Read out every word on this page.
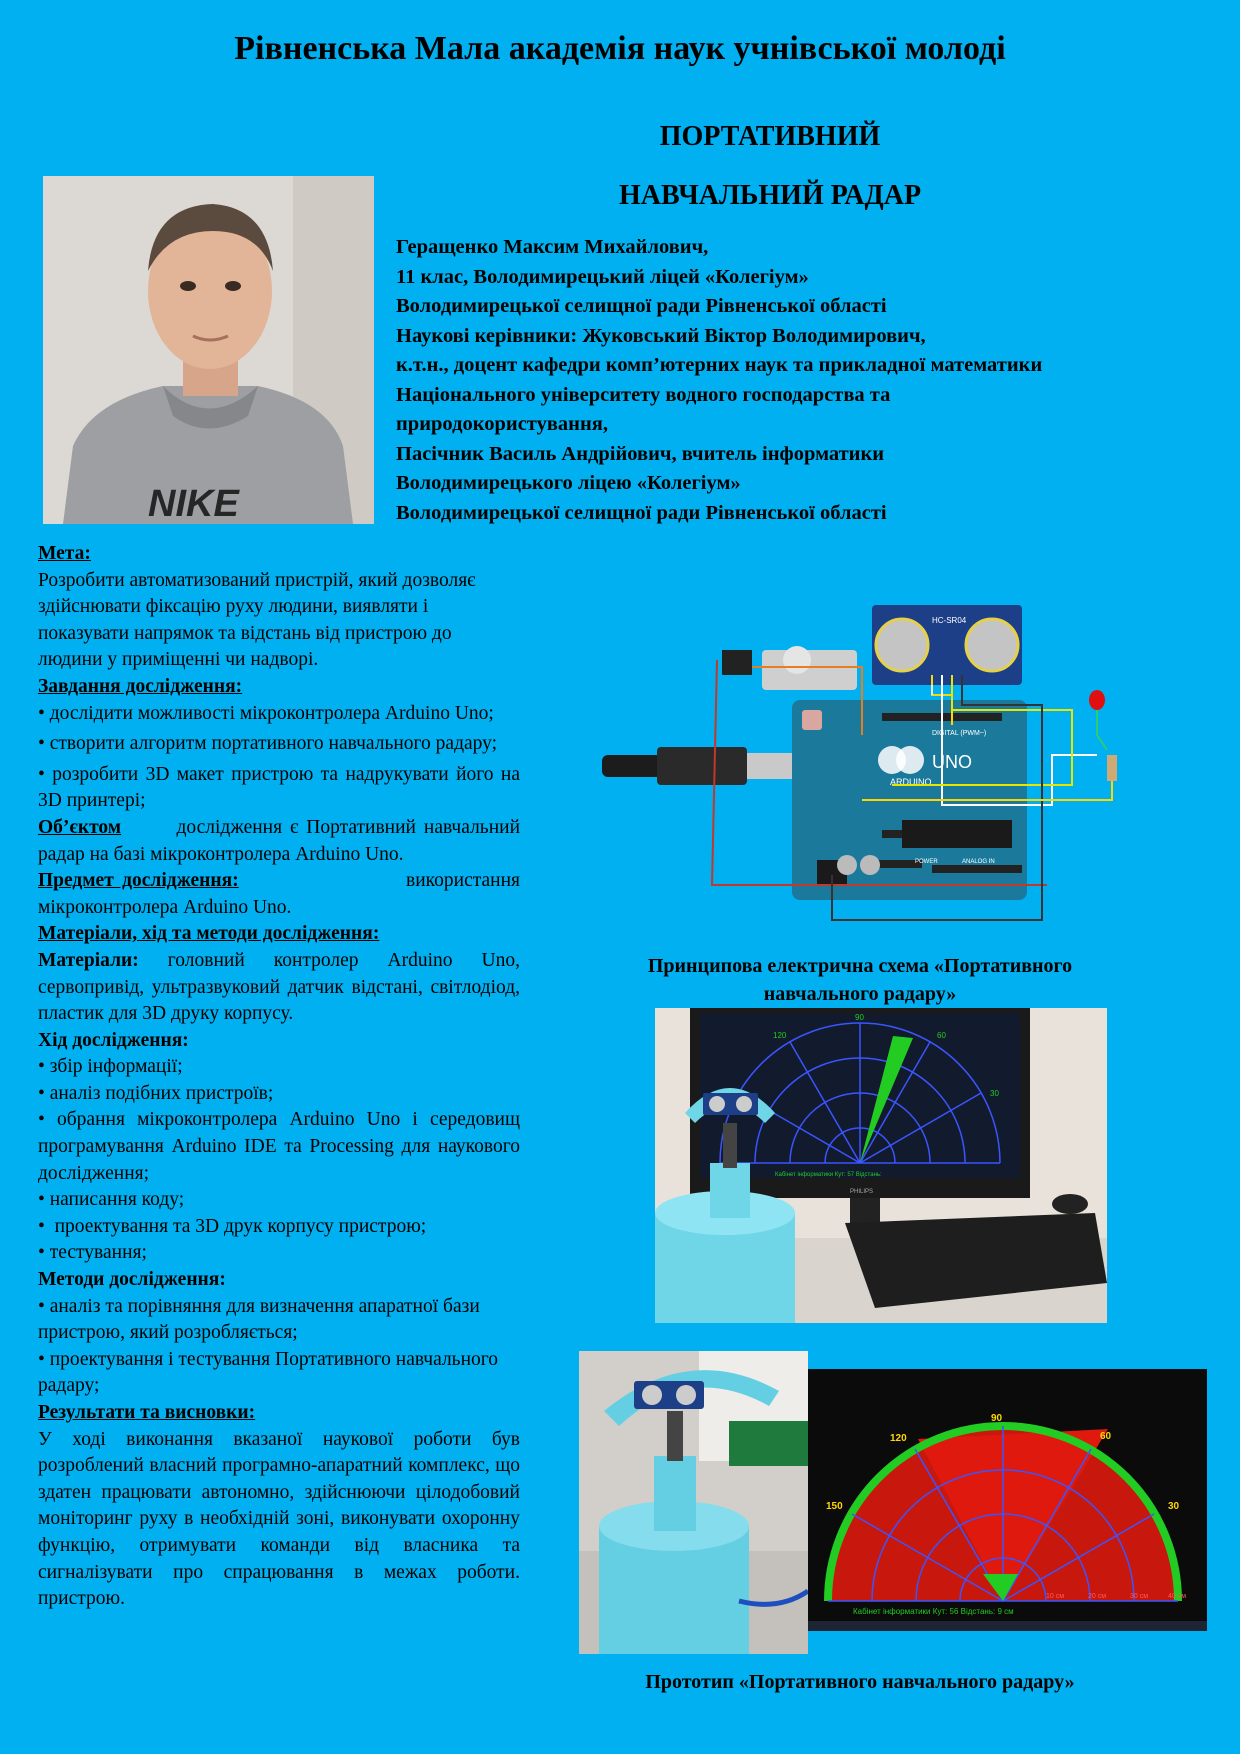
Рівненська Мала академія наук учнівської молоді
ПОРТАТИВНИЙ
НАВЧАЛЬНИЙ РАДАР
NIKE
Геращенко Максим Михайлович,
11 клас, Володимирецький ліцей «Колегіум»
Володимирецької селищної ради Рівненської області
Наукові керівники: Жуковський Віктор Володимирович,
к.т.н., доцент кафедри комп’ютерних наук та прикладної математики
Національного університету водного господарства та
природокористування,
Пасічник Василь Андрійович, вчитель інформатики
Володимирецького ліцею «Колегіум»
Володимирецької селищної ради Рівненської області

Мета:

Розробити автоматизований пристрій, який дозволяє здійснювати фіксацію руху людини, виявляти і показувати напрямок та відстань від пристрою до людини у приміщенні чи надворі.

Завдання дослідження:

• дослідити можливості мікроконтролера Arduino Uno;

• створити алгоритм портативного навчального радару;

• розробити 3D макет пристрою та надрукувати його на 3D принтері;

Об’єктом	дослідження є Портативний навчальний радар на базі мікроконтролера Arduino Uno.

Предмет дослідження:	використання мікроконтролера Arduino Uno.

Матеріали, хід та методи дослідження:

Матеріали: головний контролер Arduino Uno, сервопривід, ультразвуковий датчик відстані, світлодіод, пластик для 3D друку корпусу.

Хід дослідження:

• збір інформації;

• аналіз подібних пристроїв;

• обрання мікроконтролера Arduino Uno і середовищ програмування Arduino IDE та Processing для наукового дослідження;

• написання коду;

•  проектування та 3D друк корпусу пристрою;

• тестування;

Методи дослідження:

• аналіз та порівняння для визначення апаратної бази пристрою, який розробляється;

• проектування і тестування Портативного навчального радару;

Результати та висновки:

У ході виконання вказаної наукової роботи був розроблений власний програмно-апаратний комплекс, що здатен працювати автономно, здійснюючи цілодобовий моніторинг руху в необхідній зоні, виконувати охоронну функцію, отримувати команди від власника та сигналізувати про спрацювання в межах роботи. пристрою.

ARDUINO
UNO
DIGITAL (PWM~)
POWER	ANALOG IN
HC-SR04
Принципова електрична схема «Портативного навчального радару»
PHILIPS
30
60
90
120
Кабінет інформатики Кут: 57 Відстань:
90
60
120
30
150
10 см	20 см	30 см	40 см
Кабінет інформатики Кут: 56 Відстань: 9 см
Прототип «Портативного навчального радару»
